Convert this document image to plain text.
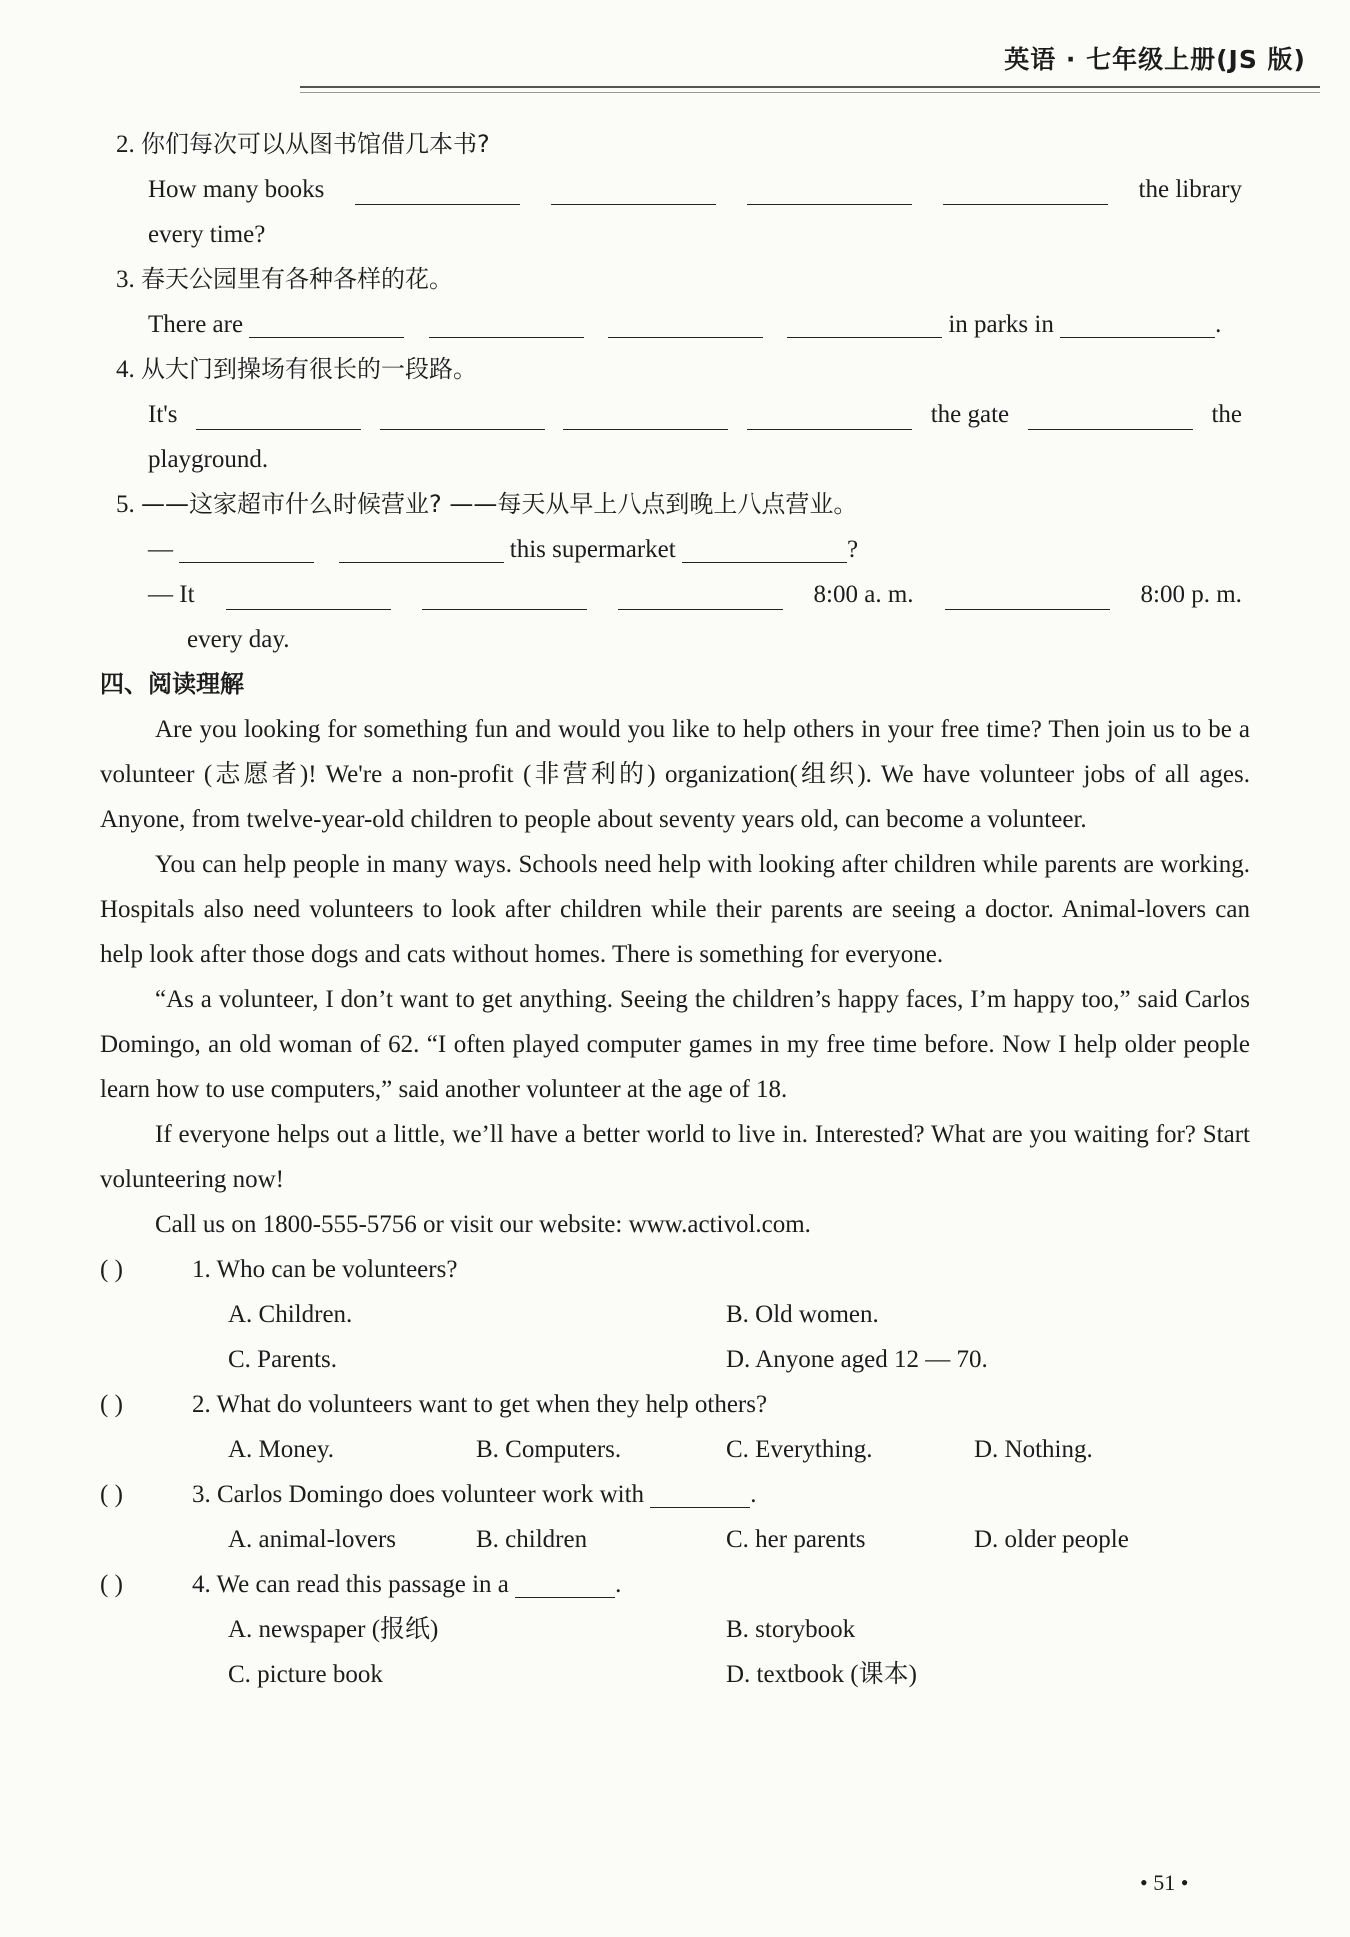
英语 · 七年级上册(JS 版)
2. 你们每次可以从图书馆借几本书?
How many books	the library
every time?
3. 春天公园里有各种各样的花。
There are	in parks in	.
4. 从大门到操场有很长的一段路。
It's	the gate	the
playground.
5. ——这家超市什么时候营业? ——每天从早上八点到晚上八点营业。
—	this supermarket	?
— It	8:00 a. m.	8:00 p. m.
every day.
四、阅读理解

Are you looking for something fun and would you like to help others in your free time? Then join us to be a volunteer (志愿者)! We're a non-profit (非营利的) organization(组织). We have volunteer jobs of all ages. Anyone, from twelve-year-old children to people about seventy years old, can become a volunteer.

You can help people in many ways. Schools need help with looking after children while parents are working. Hospitals also need volunteers to look after children while their parents are seeing a doctor. Animal-lovers can help look after those dogs and cats without homes. There is something for everyone.

“As a volunteer, I don’t want to get anything. Seeing the children’s happy faces, I’m happy too,” said Carlos Domingo, an old woman of 62. “I often played computer games in my free time before. Now I help older people learn how to use computers,” said another volunteer at the age of 18.

If everyone helps out a little, we’ll have a better world to live in. Interested? What are you waiting for? Start volunteering now!

Call us on 1800-555-5756 or visit our website: www.activol.com.

( )	1. Who can be volunteers?
A. Children.	B. Old women.
C. Parents.	D. Anyone aged 12 — 70.
( )	2. What do volunteers want to get when they help others?
A. Money.	B. Computers.	C. Everything.	D. Nothing.
( )	3. Carlos Domingo does volunteer work with	.
A. animal-lovers	B. children	C. her parents	D. older people
( )	4. We can read this passage in a	.
A. newspaper (报纸)	B. storybook
C. picture book	D. textbook (课本)
• 51 •
